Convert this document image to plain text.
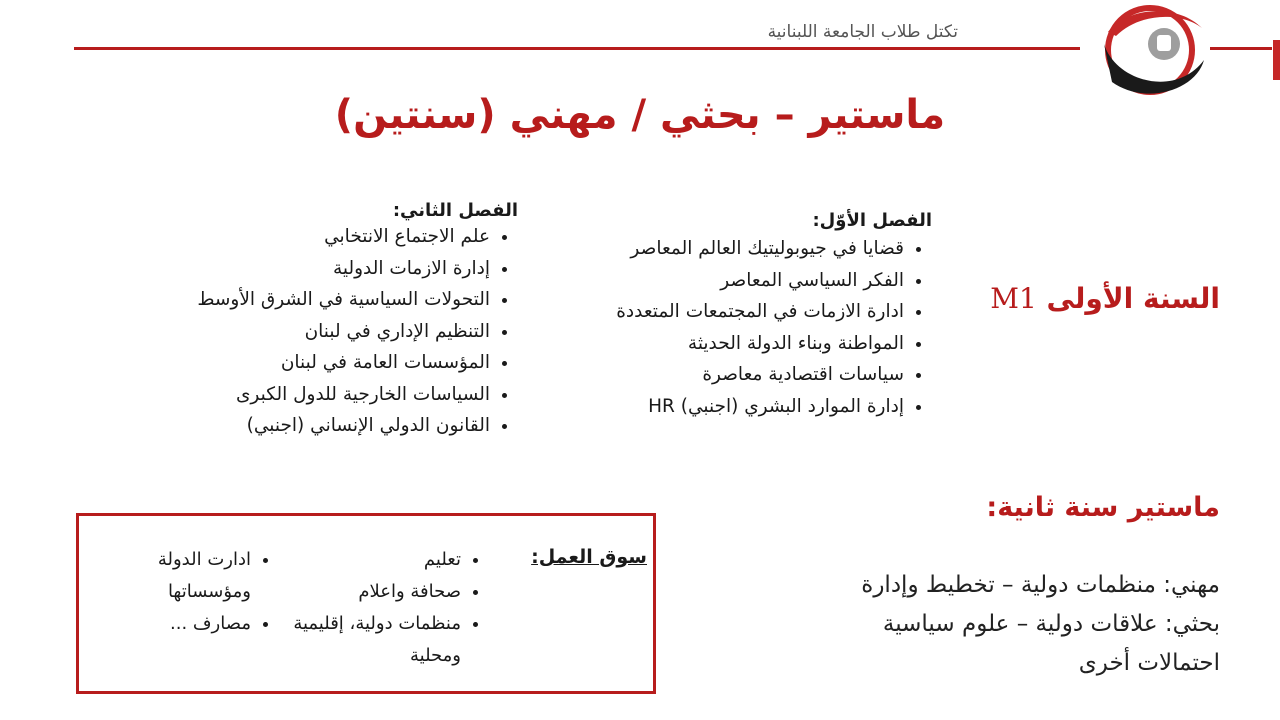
تكتل طلاب الجامعة اللبنانية
ماستير – بحثي / مهني (سنتين)
السنة الأولى M1
الفصل الأوّل:
• قضايا في جيوبوليتيك العالم المعاصر
• الفكر السياسي المعاصر
• ادارة الازمات في المجتمعات المتعددة
• المواطنة وبناء الدولة الحديثة
• سياسات اقتصادية معاصرة
• إدارة الموارد البشري (اجنبي) HR
الفصل الثاني:
• علم الاجتماع الانتخابي
• إدارة الازمات الدولية
• التحولات السياسية في الشرق الأوسط
• التنظيم الإداري في لبنان
• المؤسسات العامة في لبنان
• السياسات الخارجية للدول الكبرى
• القانون الدولي الإنساني (اجنبي)
ماستير سنة ثانية:
مهني: منظمات دولية – تخطيط وإدارة
بحثي: علاقات دولية – علوم سياسية
احتمالات أخرى
سوق العمل:
• تعليم
• صحافة واعلام
• منظمات دولية، إقليمية ومحلية
• ادارت الدولة ومؤسساتها
• مصارف ...
